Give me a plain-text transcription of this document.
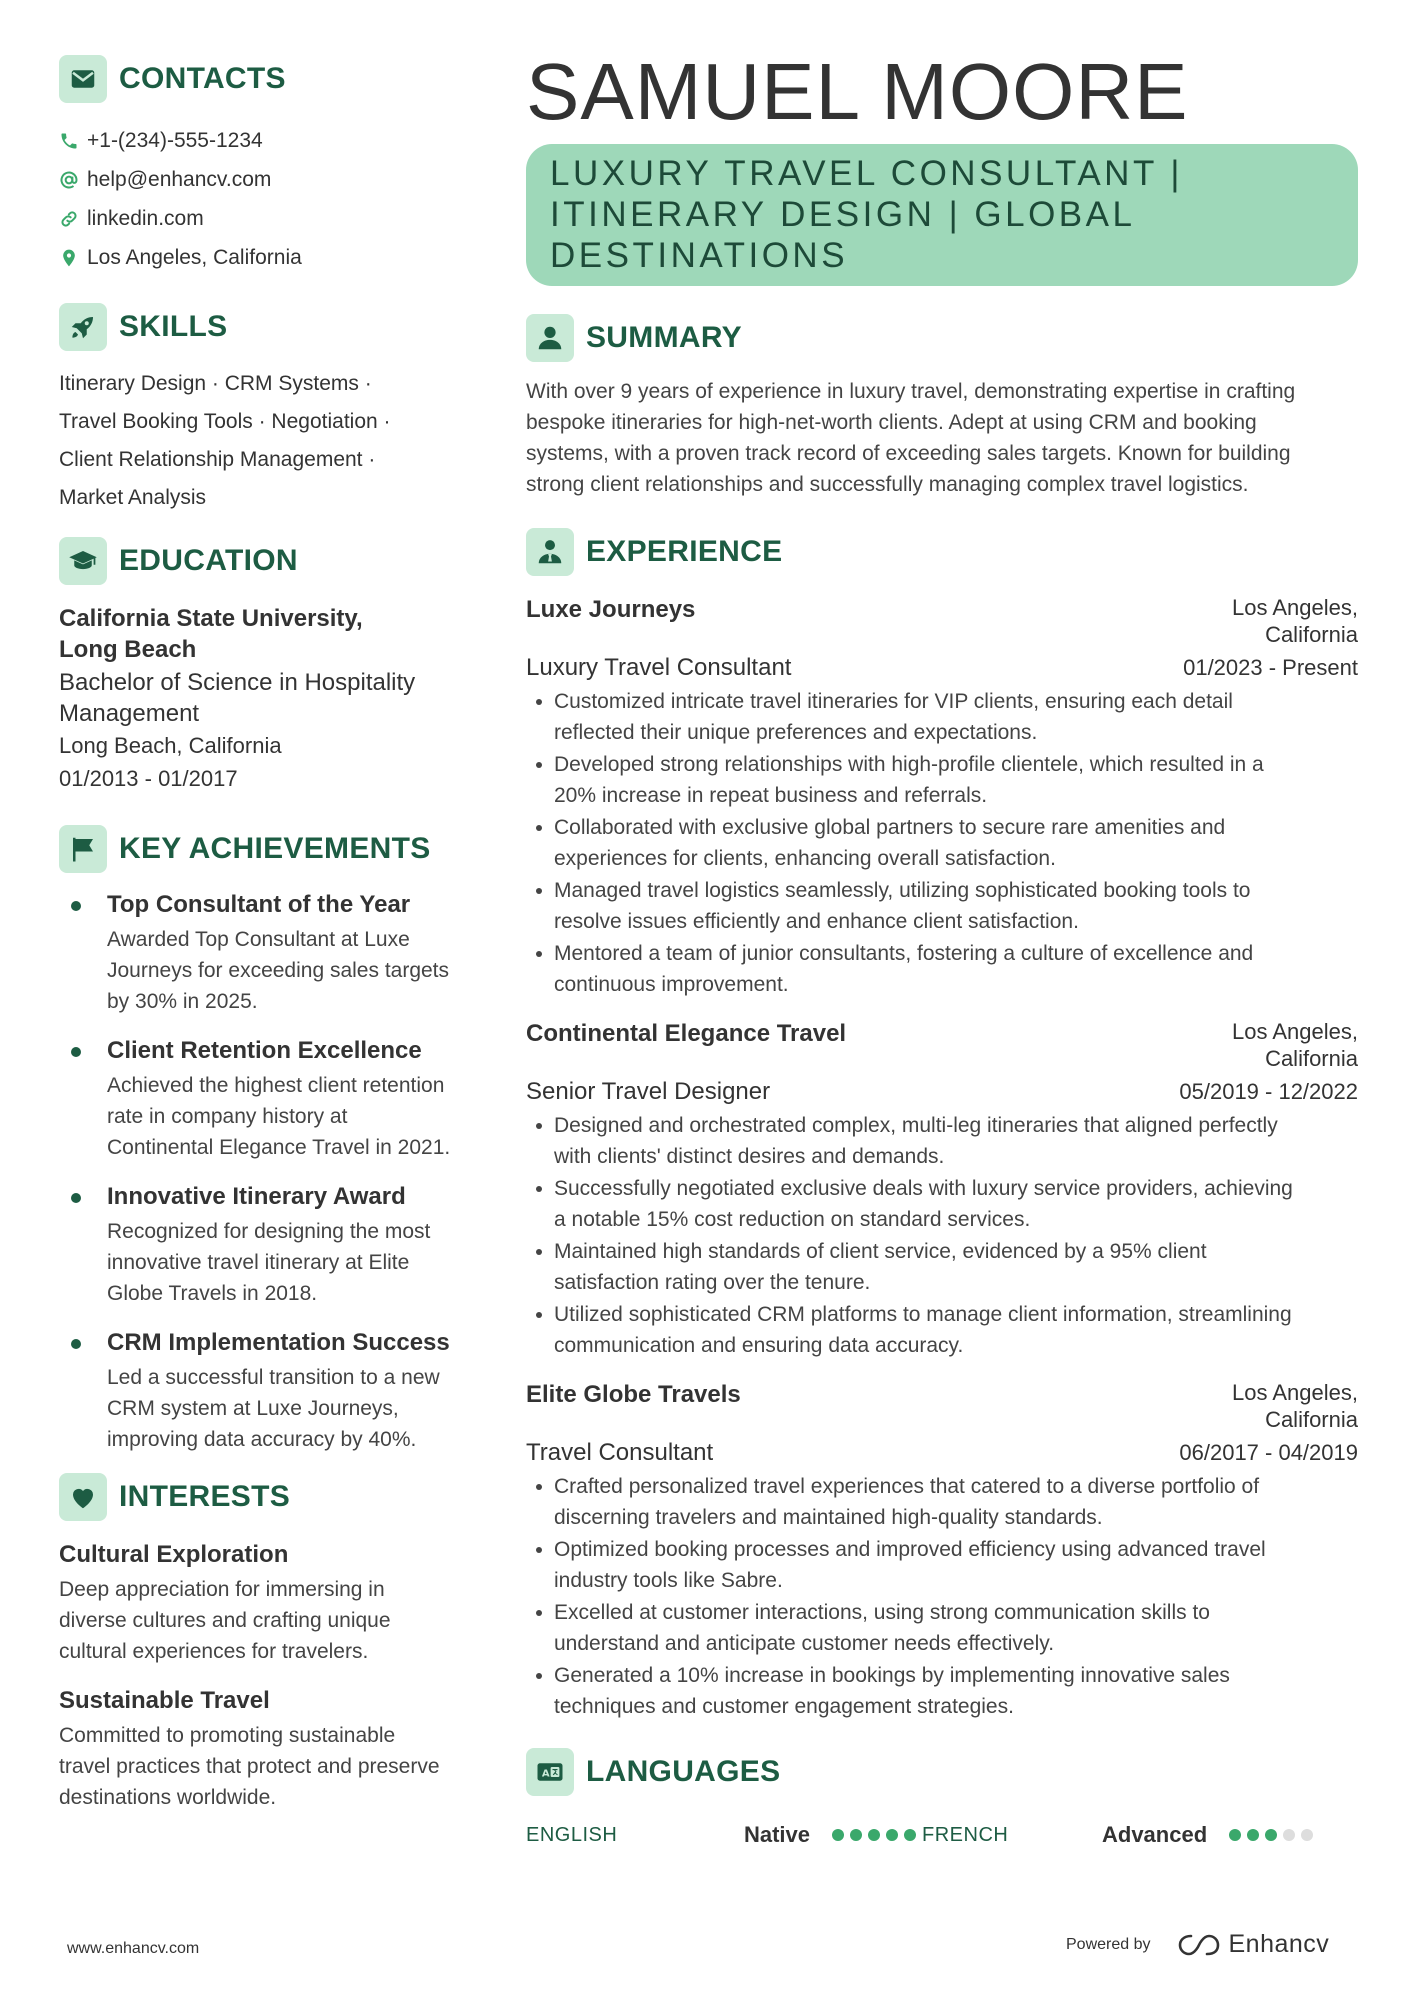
CONTACTS
+1-(234)-555-1234
help@enhancv.com
linkedin.com
Los Angeles, California
SKILLS
Itinerary Design · CRM Systems ·
Travel Booking Tools · Negotiation ·
Client Relationship Management ·
Market Analysis
EDUCATION
California State University,
Long Beach
Bachelor of Science in Hospitality
Management
Long Beach, California
01/2013 - 01/2017
KEY ACHIEVEMENTS
Top Consultant of the Year
Awarded Top Consultant at Luxe
Journeys for exceeding sales targets
by 30% in 2025.
Client Retention Excellence
Achieved the highest client retention
rate in company history at
Continental Elegance Travel in 2021.
Innovative Itinerary Award
Recognized for designing the most
innovative travel itinerary at Elite
Globe Travels in 2018.
CRM Implementation Success
Led a successful transition to a new
CRM system at Luxe Journeys,
improving data accuracy by 40%.
INTERESTS
Cultural Exploration
Deep appreciation for immersing in
diverse cultures and crafting unique
cultural experiences for travelers.
Sustainable Travel
Committed to promoting sustainable
travel practices that protect and preserve
destinations worldwide.
SAMUEL MOORE
LUXURY TRAVEL CONSULTANT |
ITINERARY DESIGN | GLOBAL
DESTINATIONS
SUMMARY
With over 9 years of experience in luxury travel, demonstrating expertise in crafting
bespoke itineraries for high-net-worth clients. Adept at using CRM and booking
systems, with a proven track record of exceeding sales targets. Known for building
strong client relationships and successfully managing complex travel logistics.
EXPERIENCE
Luxe Journeys	Los Angeles,
California
Luxury Travel Consultant	01/2023 - Present
Customized intricate travel itineraries for VIP clients, ensuring each detail
reflected their unique preferences and expectations.
Developed strong relationships with high-profile clientele, which resulted in a
20% increase in repeat business and referrals.
Collaborated with exclusive global partners to secure rare amenities and
experiences for clients, enhancing overall satisfaction.
Managed travel logistics seamlessly, utilizing sophisticated booking tools to
resolve issues efficiently and enhance client satisfaction.
Mentored a team of junior consultants, fostering a culture of excellence and
continuous improvement.
Continental Elegance Travel	Los Angeles,
California
Senior Travel Designer	05/2019 - 12/2022
Designed and orchestrated complex, multi-leg itineraries that aligned perfectly
with clients' distinct desires and demands.
Successfully negotiated exclusive deals with luxury service providers, achieving
a notable 15% cost reduction on standard services.
Maintained high standards of client service, evidenced by a 95% client
satisfaction rating over the tenure.
Utilized sophisticated CRM platforms to manage client information, streamlining
communication and ensuring data accuracy.
Elite Globe Travels	Los Angeles,
California
Travel Consultant	06/2017 - 04/2019
Crafted personalized travel experiences that catered to a diverse portfolio of
discerning travelers and maintained high-quality standards.
Optimized booking processes and improved efficiency using advanced travel
industry tools like Sabre.
Excelled at customer interactions, using strong communication skills to
understand and anticipate customer needs effectively.
Generated a 10% increase in bookings by implementing innovative sales
techniques and customer engagement strategies.
A LANGUAGES
ENGLISH	Native	FRENCH	Advanced
www.enhancv.com	Powered by	Enhancv
